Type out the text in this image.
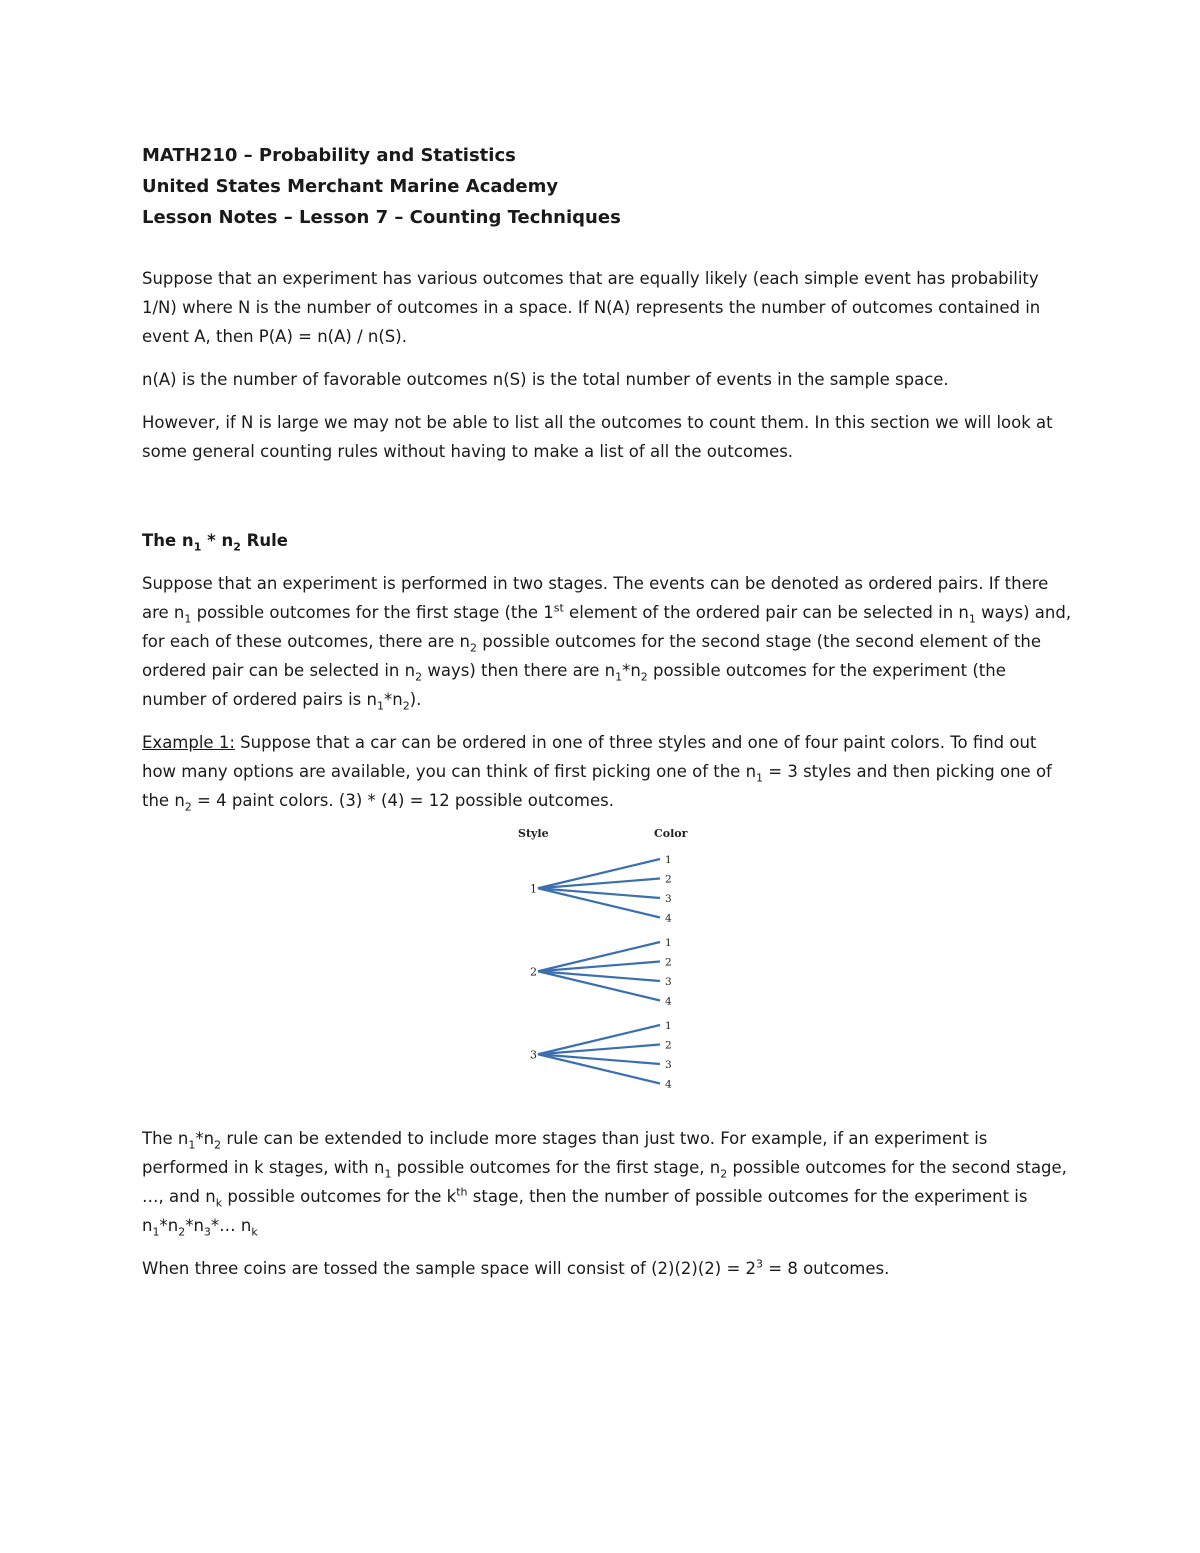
MATH210 – Probability and Statistics

United States Merchant Marine Academy

Lesson Notes – Lesson 7 – Counting Techniques

Suppose that an experiment has various outcomes that are equally likely (each simple event has probability 1/N) where N is the number of outcomes in a space. If N(A) represents the number of outcomes contained in event A, then P(A) = n(A) / n(S).

n(A) is the number of favorable outcomes n(S) is the total number of events in the sample space.

However, if N is large we may not be able to list all the outcomes to count them. In this section we will look at some general counting rules without having to make a list of all the outcomes.

The $n_1 * n_2$ Rule

Suppose that an experiment is performed in two stages. The events can be denoted as ordered pairs. If there are $n_1$ possible outcomes for the first stage (the 1st element of the ordered pair can be selected in $n_1$ ways) and, for each of these outcomes, there are $n_2$ possible outcomes for the second stage (the second element of the ordered pair can be selected in $n_2$ ways) then there are $n_1*n_2$ possible outcomes for the experiment (the number of ordered pairs is $n_1*n_2$).

Example 1: Suppose that a car can be ordered in one of three styles and one of four paint colors. To find out how many options are available, you can think of first picking one of the $n_1 = 3$ styles and then picking one of the $n_2 = 4$ paint colors. (3) * (4) = 12 possible outcomes.

Style	Color
1
1
2
3
4
2
1
2
3
4
3
1
2
3
4

The $n_1*n_2$ rule can be extended to include more stages than just two. For example, if an experiment is performed in k stages, with $n_1$ possible outcomes for the first stage, $n_2$ possible outcomes for the second stage, …, and $n_k$ possible outcomes for the $k^{th}$ stage, then the number of possible outcomes for the experiment is $n_1*n_2*n_3*\dots$ $n_k$

When three coins are tossed the sample space will consist of $(2)(2)(2) = 2^3 = 8$ outcomes.
